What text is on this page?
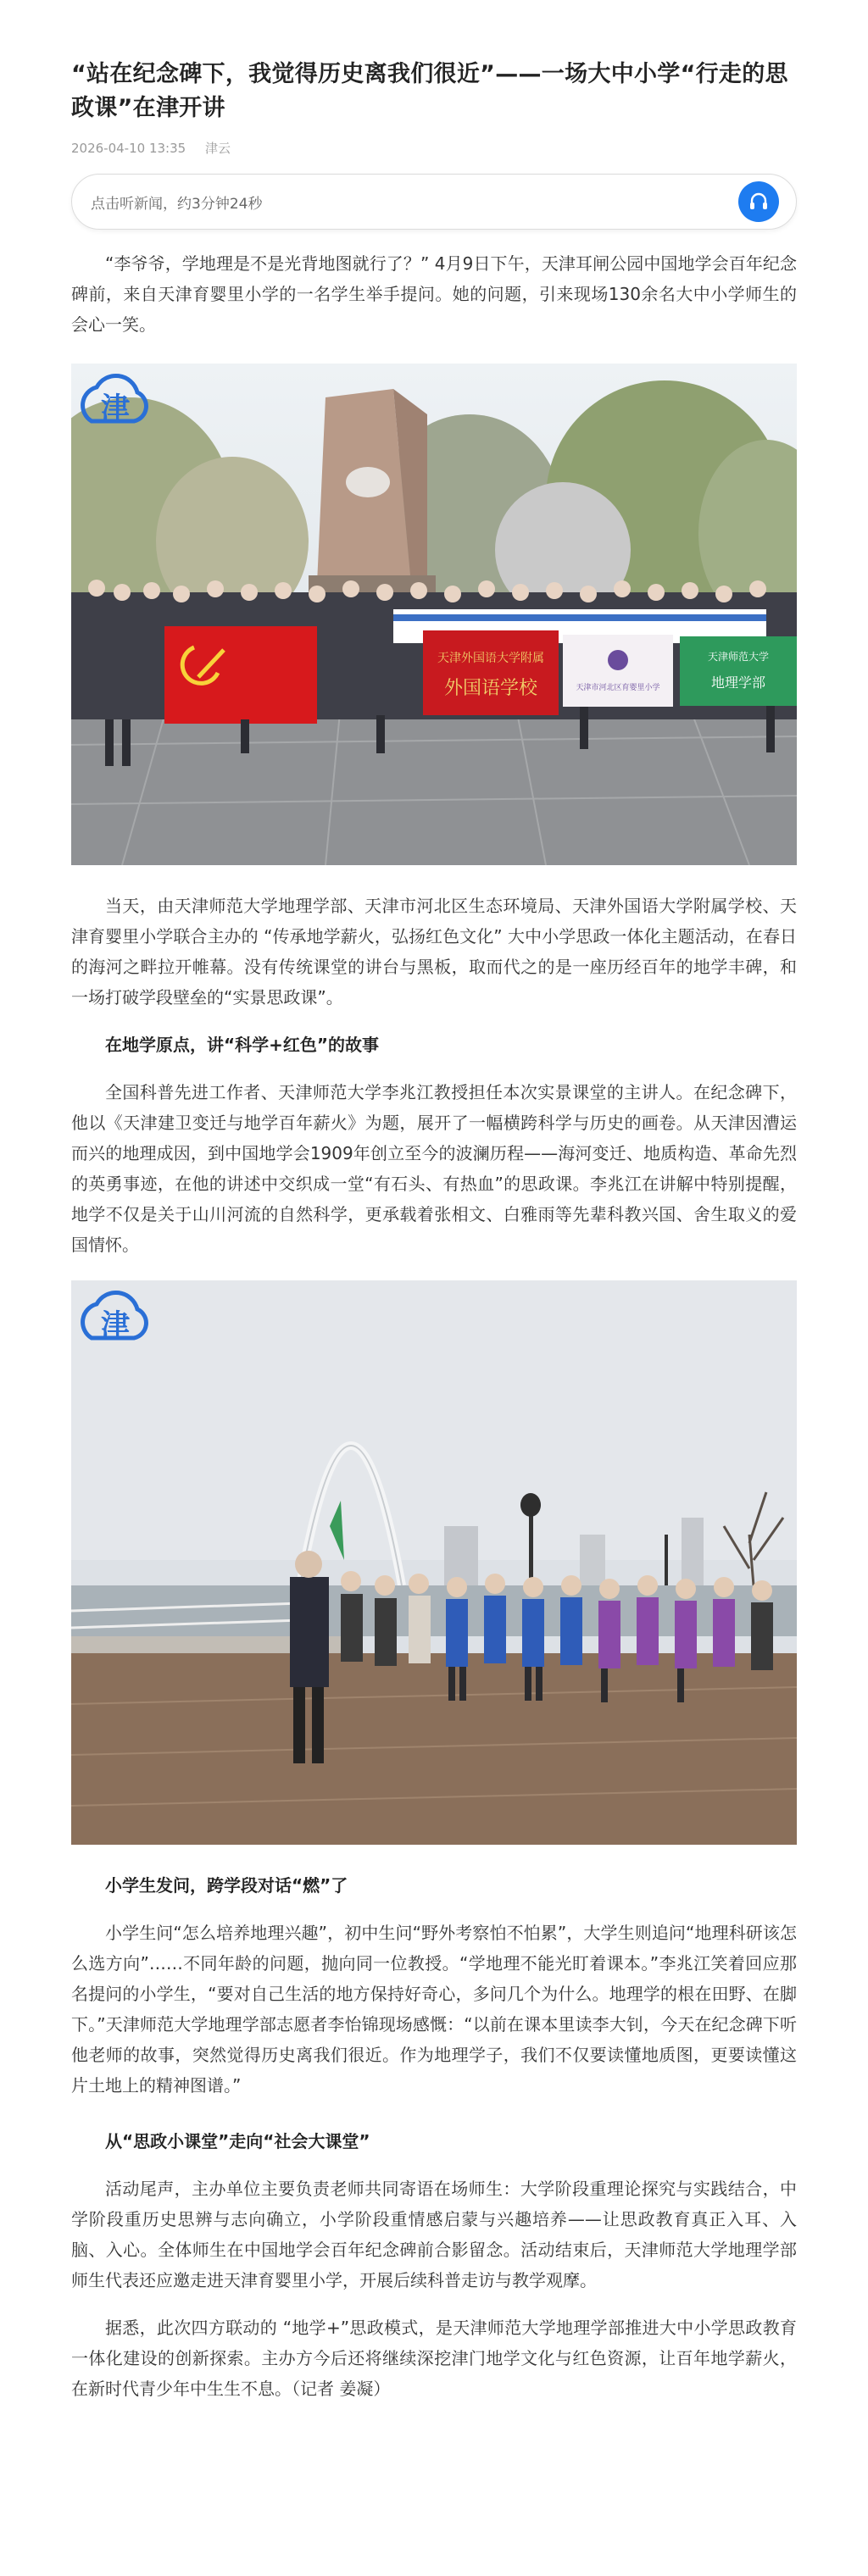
“站在纪念碑下，我觉得历史离我们很近”——一场大中小学“行走的思政课”在津开讲
2026-04-10 13:35 津云
点击听新闻，约3分钟24秒

“李爷爷，学地理是不是光背地图就行了？” 4月9日下午，天津耳闸公园中国地学会百年纪念碑前，来自天津育婴里小学的一名学生举手提问。她的问题，引来现场130余名大中小学师生的会心一笑。

天津外国语大学附属
外国语学校	天津市河北区育婴里小学
天津师范大学
地理学部
津

当天，由天津师范大学地理学部、天津市河北区生态环境局、天津外国语大学附属学校、天津育婴里小学联合主办的 “传承地学薪火，弘扬红色文化” 大中小学思政一体化主题活动，在春日的海河之畔拉开帷幕。没有传统课堂的讲台与黑板，取而代之的是一座历经百年的地学丰碑，和一场打破学段壁垒的“实景思政课”。

在地学原点，讲“科学+红色”的故事

全国科普先进工作者、天津师范大学李兆江教授担任本次实景课堂的主讲人。在纪念碑下，他以《天津建卫变迁与地学百年薪火》为题，展开了一幅横跨科学与历史的画卷。从天津因漕运而兴的地理成因，到中国地学会1909年创立至今的波澜历程——海河变迁、地质构造、革命先烈的英勇事迹，在他的讲述中交织成一堂“有石头、有热血”的思政课。李兆江在讲解中特别提醒，地学不仅是关于山川河流的自然科学，更承载着张相文、白雅雨等先辈科教兴国、舍生取义的爱国情怀。

津

小学生发问，跨学段对话“燃”了

小学生问“怎么培养地理兴趣”，初中生问“野外考察怕不怕累”，大学生则追问“地理科研该怎么选方向”……不同年龄的问题，抛向同一位教授。“学地理不能光盯着课本。”李兆江笑着回应那名提问的小学生，“要对自己生活的地方保持好奇心，多问几个为什么。地理学的根在田野、在脚下。”天津师范大学地理学部志愿者李怡锦现场感慨：“以前在课本里读李大钊，今天在纪念碑下听他老师的故事，突然觉得历史离我们很近。作为地理学子，我们不仅要读懂地质图，更要读懂这片土地上的精神图谱。”

从“思政小课堂”走向“社会大课堂”

活动尾声，主办单位主要负责老师共同寄语在场师生：大学阶段重理论探究与实践结合，中学阶段重历史思辨与志向确立，小学阶段重情感启蒙与兴趣培养——让思政教育真正入耳、入脑、入心。全体师生在中国地学会百年纪念碑前合影留念。活动结束后，天津师范大学地理学部师生代表还应邀走进天津育婴里小学，开展后续科普走访与教学观摩。

据悉，此次四方联动的 “地学+”思政模式，是天津师范大学地理学部推进大中小学思政教育一体化建设的创新探索。主办方今后还将继续深挖津门地学文化与红色资源，让百年地学薪火，在新时代青少年中生生不息。（记者 姜凝）
